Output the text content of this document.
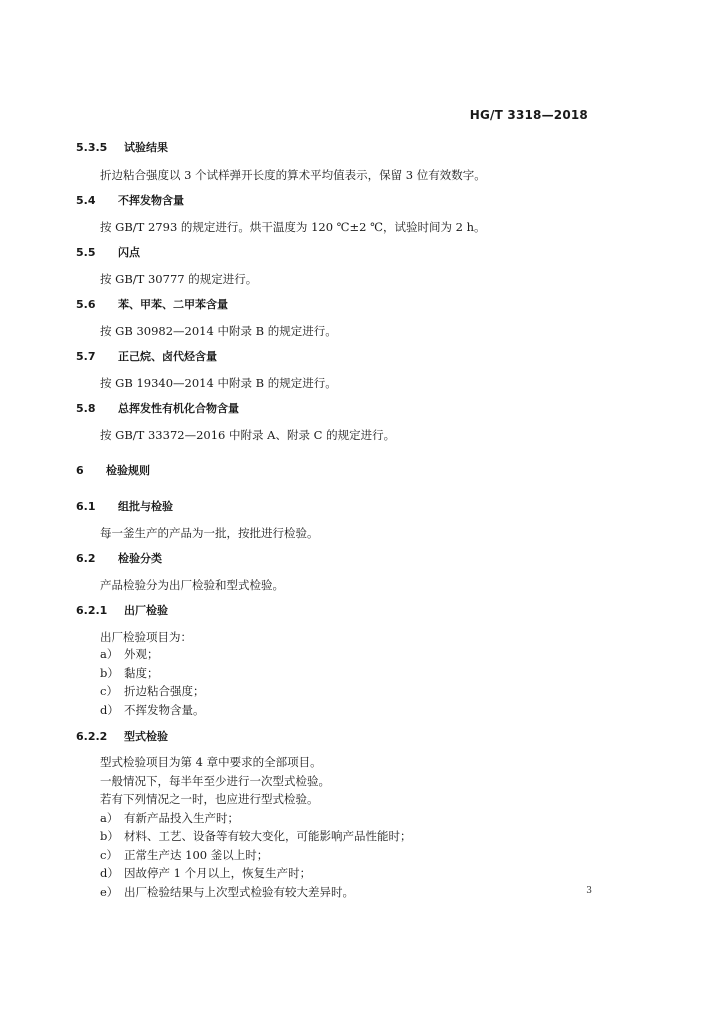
HG/T 3318—2018
5.3.5	试验结果
折边粘合强度以 3 个试样弹开长度的算术平均值表示，保留 3 位有效数字。
5.4	不挥发物含量
按 GB/T 2793 的规定进行。烘干温度为 120 ℃±2 ℃，试验时间为 2 h。
5.5	闪点
按 GB/T 30777 的规定进行。
5.6	苯、甲苯、二甲苯含量
按 GB 30982—2014 中附录 B 的规定进行。
5.7	正己烷、卤代烃含量
按 GB 19340—2014 中附录 B 的规定进行。
5.8	总挥发性有机化合物含量
按 GB/T 33372—2016 中附录 A、附录 C 的规定进行。
6	检验规则
6.1	组批与检验
每一釜生产的产品为一批，按批进行检验。
6.2	检验分类
产品检验分为出厂检验和型式检验。
6.2.1	出厂检验
出厂检验项目为：
a） 外观；
b） 黏度；
c） 折边粘合强度；
d） 不挥发物含量。
6.2.2	型式检验
型式检验项目为第 4 章中要求的全部项目。
一般情况下，每半年至少进行一次型式检验。
若有下列情况之一时，也应进行型式检验。
a） 有新产品投入生产时；
b） 材料、工艺、设备等有较大变化，可能影响产品性能时；
c） 正常生产达 100 釜以上时；
d） 因故停产 1 个月以上，恢复生产时；
e） 出厂检验结果与上次型式检验有较大差异时。	3
